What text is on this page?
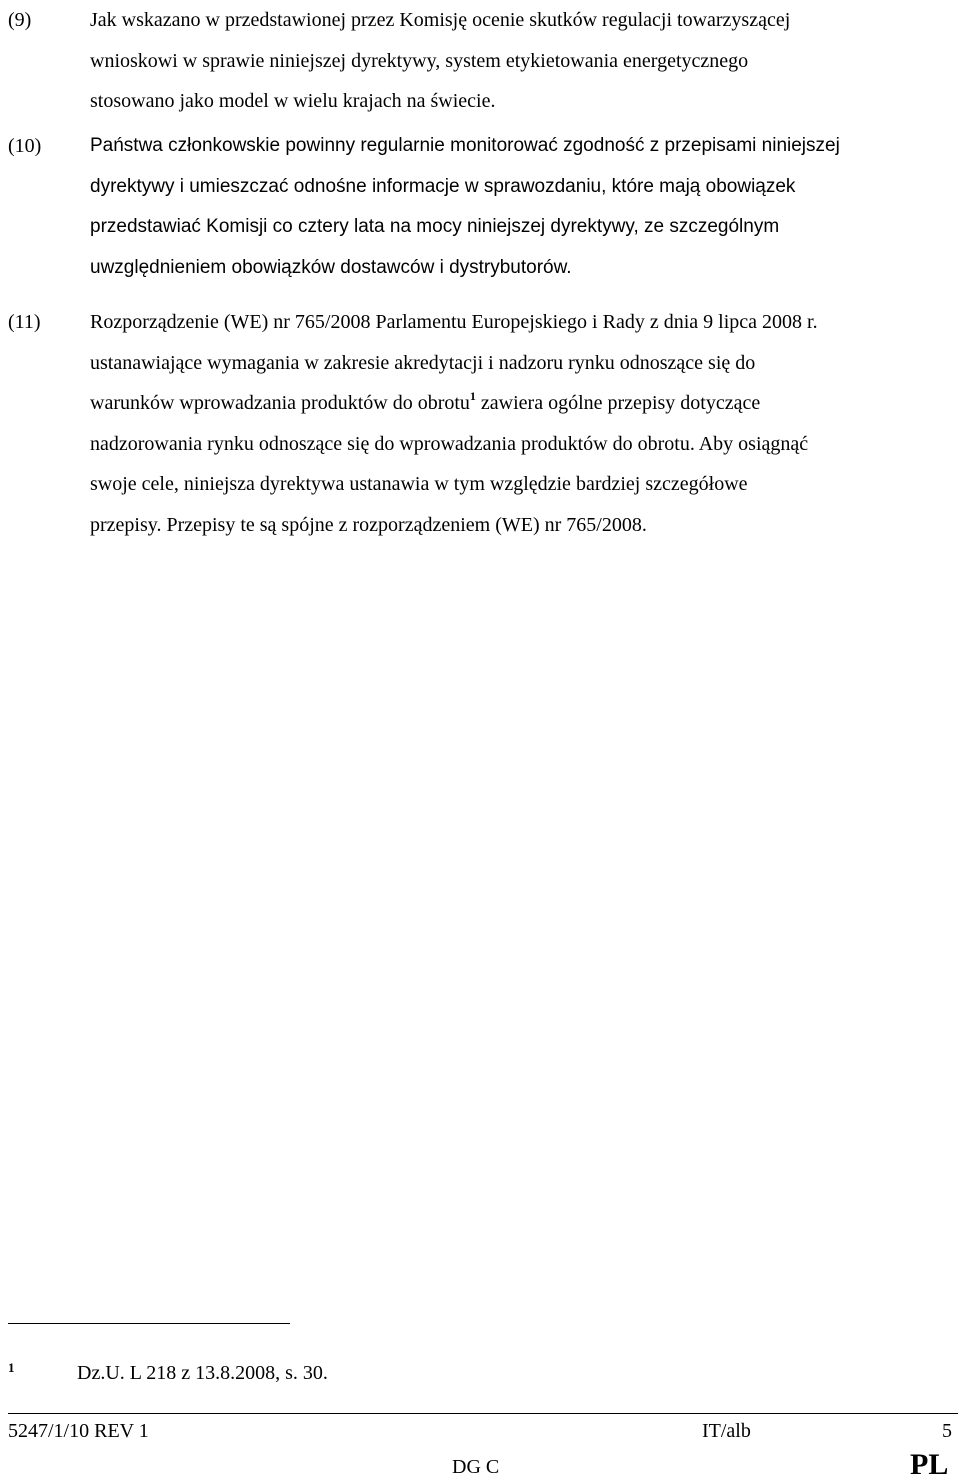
(9)	Jak wskazano w przedstawionej przez Komisję ocenie skutków regulacji towarzyszącej
wnioskowi w sprawie niniejszej dyrektywy, system etykietowania energetycznego
stosowano jako model w wielu krajach na świecie.
(10)	Państwa członkowskie powinny regularnie monitorować zgodność z przepisami niniejszej
dyrektywy i umieszczać odnośne informacje w sprawozdaniu, które mają obowiązek
przedstawiać Komisji co cztery lata na mocy niniejszej dyrektywy, ze szczególnym
uwzględnieniem obowiązków dostawców i dystrybutorów.
(11) Rozporządzenie (WE) nr 765/2008 Parlamentu Europejskiego i Rady z dnia 9 lipca 2008 r.
ustanawiające wymagania w zakresie akredytacji i nadzoru rynku odnoszące się do
warunków wprowadzania produktów do obrotu$^1$ zawiera ogólne przepisy dotyczące
nadzorowania rynku odnoszące się do wprowadzania produktów do obrotu. Aby osiągnąć
swoje cele, niniejsza dyrektywa ustanawia w tym względzie bardziej szczegółowe
przepisy. Przepisy te są spójne z rozporządzeniem (WE) nr 765/2008.
1	Dz.U. L 218 z 13.8.2008, s. 30.
5247/1/10 REV 1	IT/alb	5
DG C	PL
